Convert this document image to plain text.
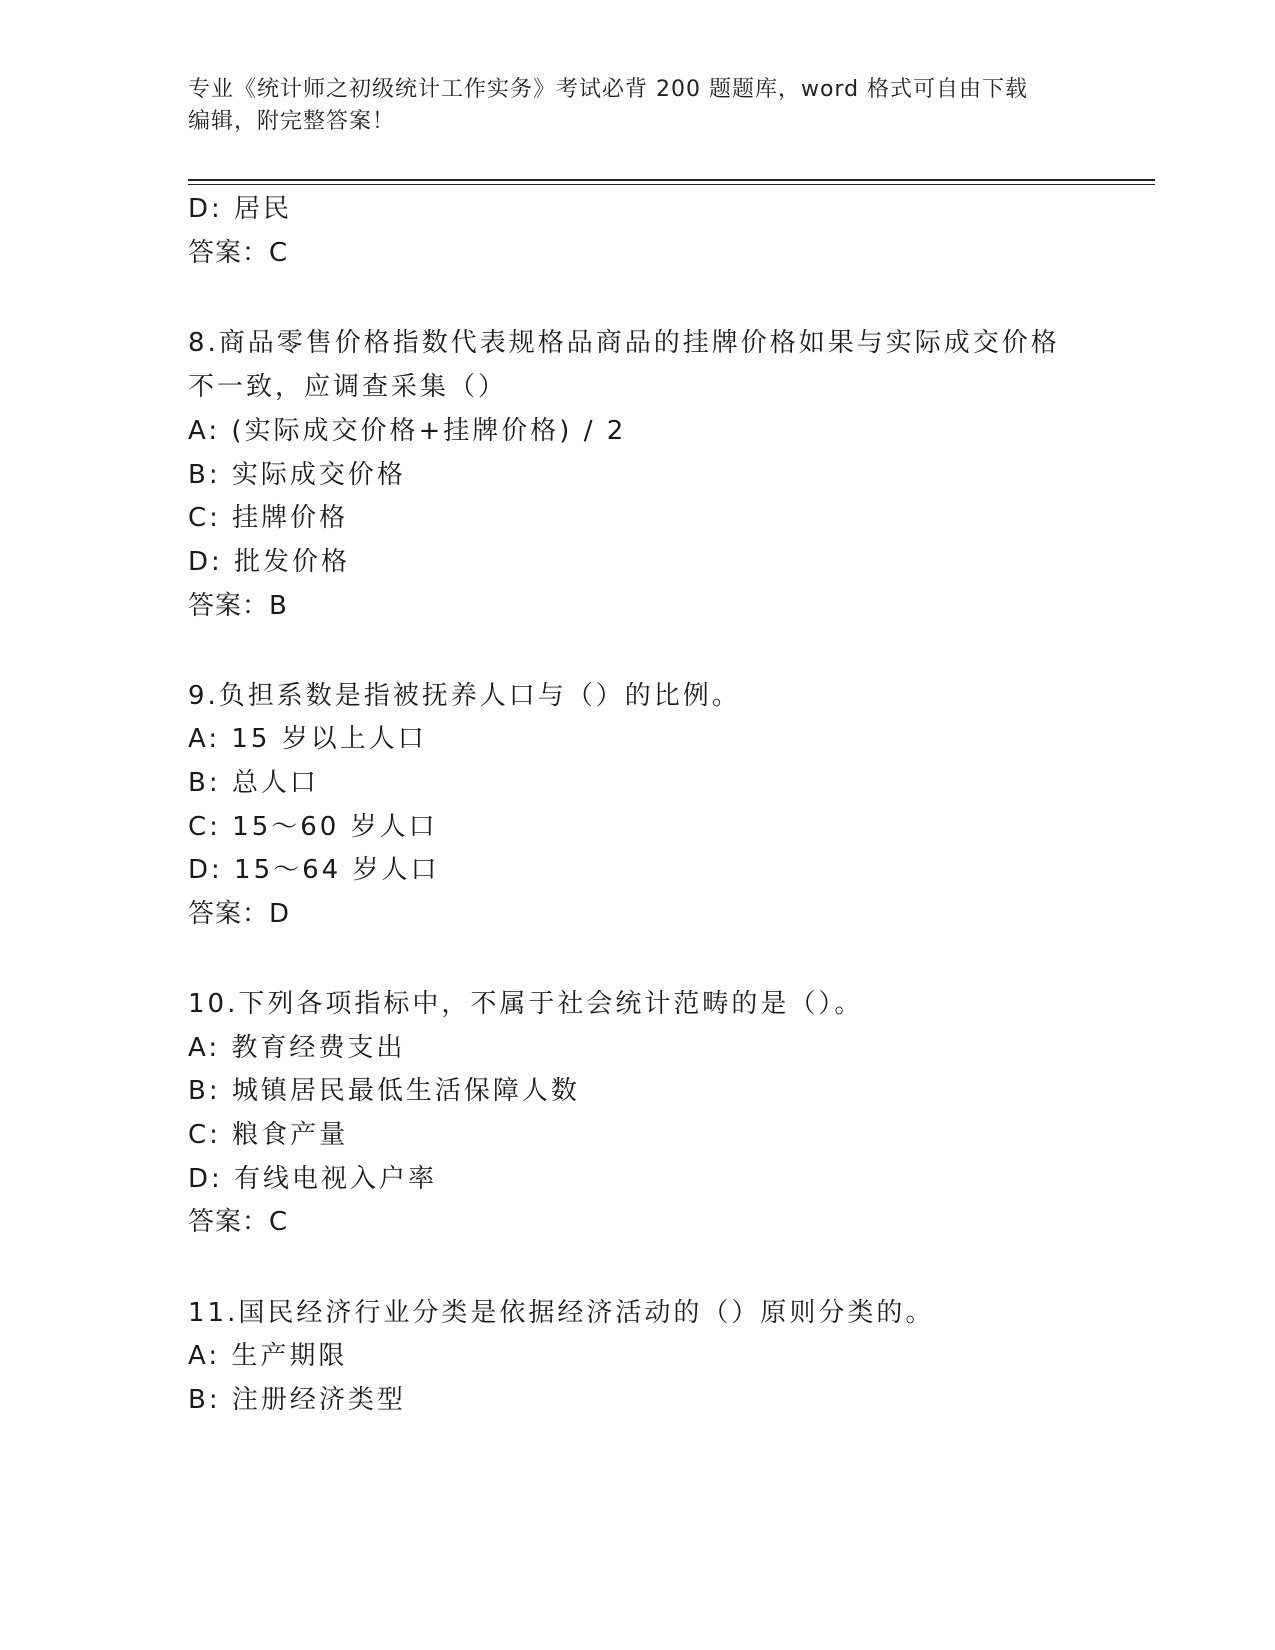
专业《统计师之初级统计工作实务》考试必背 200 题题库，word 格式可自由下载
编辑，附完整答案！
D: 居民
答案：C
8.商品零售价格指数代表规格品商品的挂牌价格如果与实际成交价格
不一致，应调查采集（）
A: (实际成交价格+挂牌价格) / 2
B: 实际成交价格
C: 挂牌价格
D: 批发价格
答案：B
9.负担系数是指被抚养人口与（）的比例。
A: 15 岁以上人口
B: 总人口
C: 15～60 岁人口
D: 15～64 岁人口
答案：D
10.下列各项指标中，不属于社会统计范畴的是（）。
A: 教育经费支出
B: 城镇居民最低生活保障人数
C: 粮食产量
D: 有线电视入户率
答案：C
11.国民经济行业分类是依据经济活动的（）原则分类的。
A: 生产期限
B: 注册经济类型
